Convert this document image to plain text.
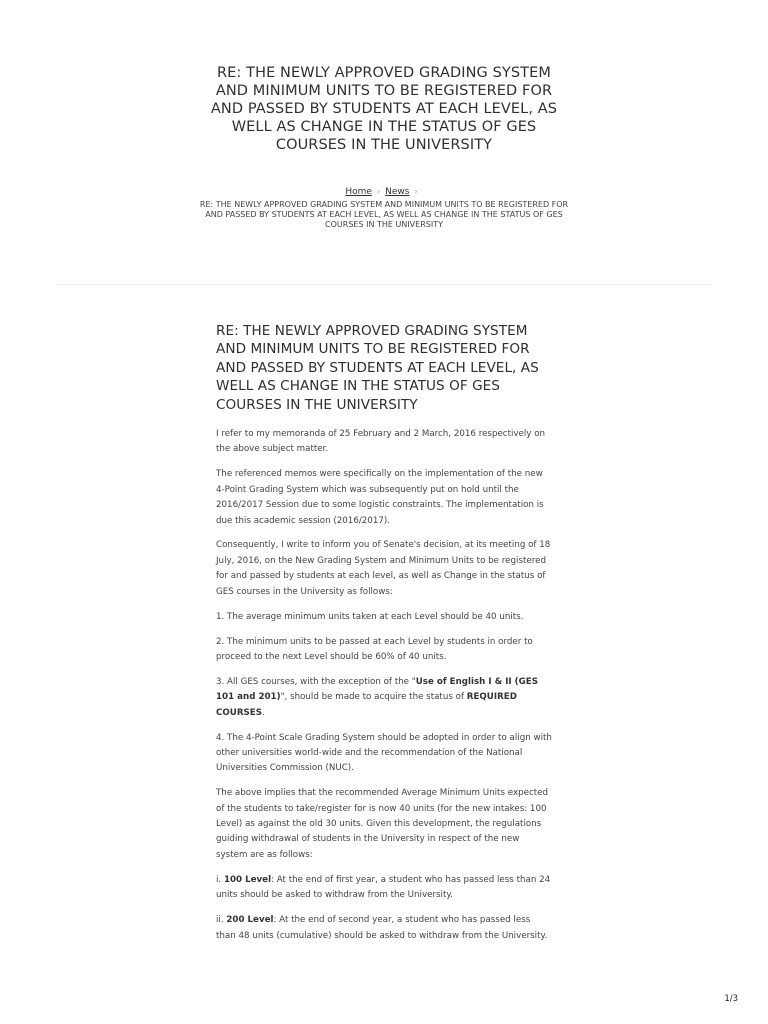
RE: THE NEWLY APPROVED GRADING SYSTEM AND MINIMUM UNITS TO BE REGISTERED FOR AND PASSED BY STUDENTS AT EACH LEVEL, AS WELL AS CHANGE IN THE STATUS OF GES COURSES IN THE UNIVERSITY
Home › News ›
RE: THE NEWLY APPROVED GRADING SYSTEM AND MINIMUM UNITS TO BE REGISTERED FOR AND PASSED BY STUDENTS AT EACH LEVEL, AS WELL AS CHANGE IN THE STATUS OF GES COURSES IN THE UNIVERSITY
RE: THE NEWLY APPROVED GRADING SYSTEM AND MINIMUM UNITS TO BE REGISTERED FOR AND PASSED BY STUDENTS AT EACH LEVEL, AS WELL AS CHANGE IN THE STATUS OF GES COURSES IN THE UNIVERSITY

I refer to my memoranda of 25 February and 2 March, 2016 respectively on the above subject matter.

The referenced memos were specifically on the implementation of the new 4-Point Grading System which was subsequently put on hold until the 2016/2017 Session due to some logistic constraints. The implementation is due this academic session (2016/2017).

Consequently, I write to inform you of Senate's decision, at its meeting of 18 July, 2016, on the New Grading System and Minimum Units to be registered for and passed by students at each level, as well as Change in the status of GES courses in the University as follows:

1. The average minimum units taken at each Level should be 40 units.

2. The minimum units to be passed at each Level by students in order to proceed to the next Level should be 60% of 40 units.

3. All GES courses, with the exception of the "Use of English I & II (GES 101 and 201)", should be made to acquire the status of REQUIRED COURSES.

4. The 4-Point Scale Grading System should be adopted in order to align with other universities world-wide and the recommendation of the National Universities Commission (NUC).

The above implies that the recommended Average Minimum Units expected of the students to take/register for is now 40 units (for the new intakes: 100 Level) as against the old 30 units. Given this development, the regulations guiding withdrawal of students in the University in respect of the new system are as follows:

i. 100 Level: At the end of first year, a student who has passed less than 24 units should be asked to withdraw from the University.

ii. 200 Level: At the end of second year, a student who has passed less than 48 units (cumulative) should be asked to withdraw from the University.

1/3
